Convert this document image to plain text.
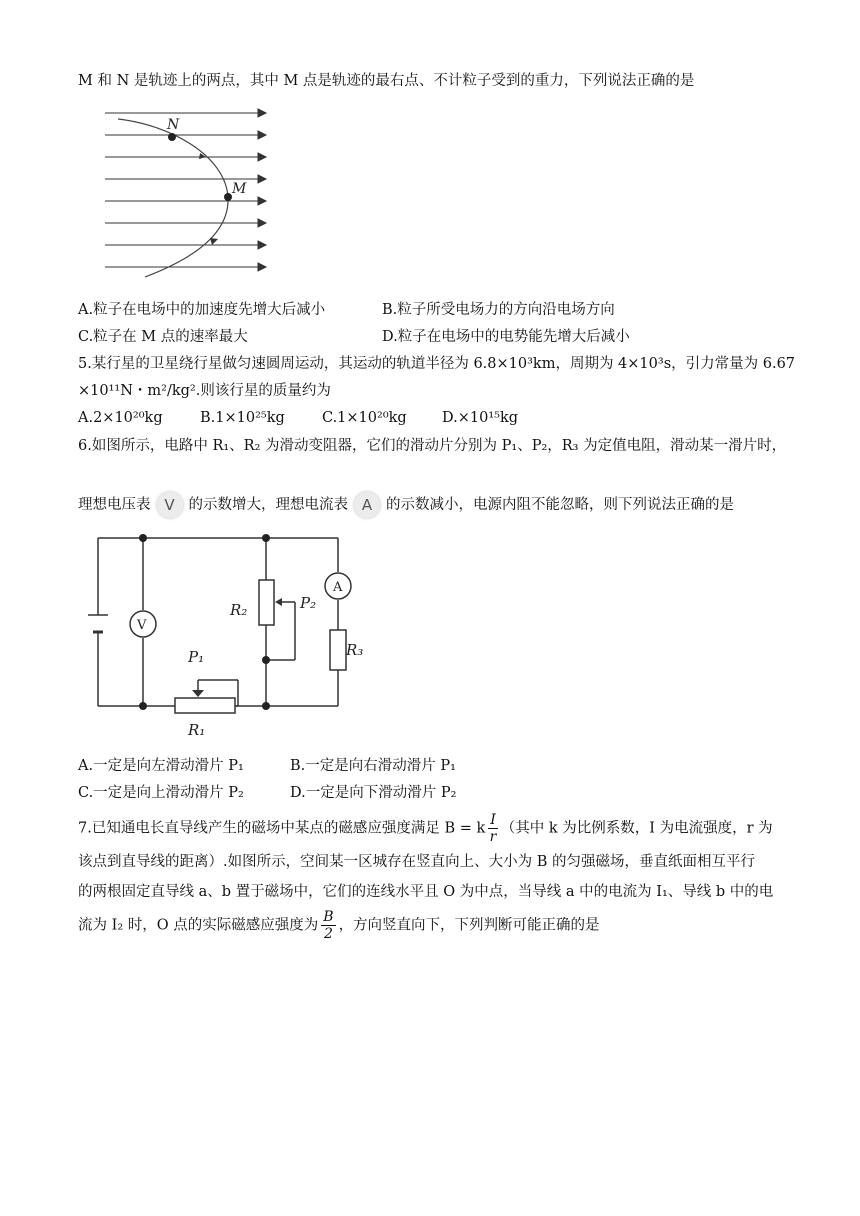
M 和 N 是轨迹上的两点，其中 M 点是轨迹的最右点、不计粒子受到的重力，下列说法正确的是
N
M
A.粒子在电场中的加速度先增大后减小	B.粒子所受电场力的方向沿电场方向
C.粒子在 M 点的速率最大	D.粒子在电场中的电势能先增大后减小
5.某行星的卫星绕行星做匀速圆周运动，其运动的轨道半径为 6.8×10³km，周期为 4×10³s，引力常量为 6.67
×10¹¹N・m²/kg².则该行星的质量约为
A.2×10²⁰kg	B.1×10²⁵kg	C.1×10²⁰kg D.×10¹⁵kg
6.如图所示，电路中 R₁、R₂ 为滑动变阻器，它们的滑动片分别为 P₁、P₂，R₃ 为定值电阻，滑动某一滑片时，
理想电压表 V 的示数增大，理想电流表 A 的示数减小，电源内阻不能忽略，则下列说法正确的是
V
A
P₁
R₁
R₂	P₂
R₃
A.一定是向左滑动滑片 P₁	B.一定是向右滑动滑片 P₁
C.一定是向上滑动滑片 P₂	D.一定是向下滑动滑片 P₂
7.已知通电长直导线产生的磁场中某点的磁感应强度满足 B = k $\frac{I}{r}$ （其中 k 为比例系数，I 为电流强度，r 为
该点到直导线的距离）.如图所示，空间某一区城存在竖直向上、大小为 B 的匀强磁场，垂直纸面相互平行
的两根固定直导线 a、b 置于磁场中，它们的连线水平且 O 为中点，当导线 a 中的电流为 I₁、导线 b 中的电
流为 I₂ 时，O 点的实际磁感应强度为 $\frac{B}{2}$ ，方向竖直向下，下列判断可能正确的是
